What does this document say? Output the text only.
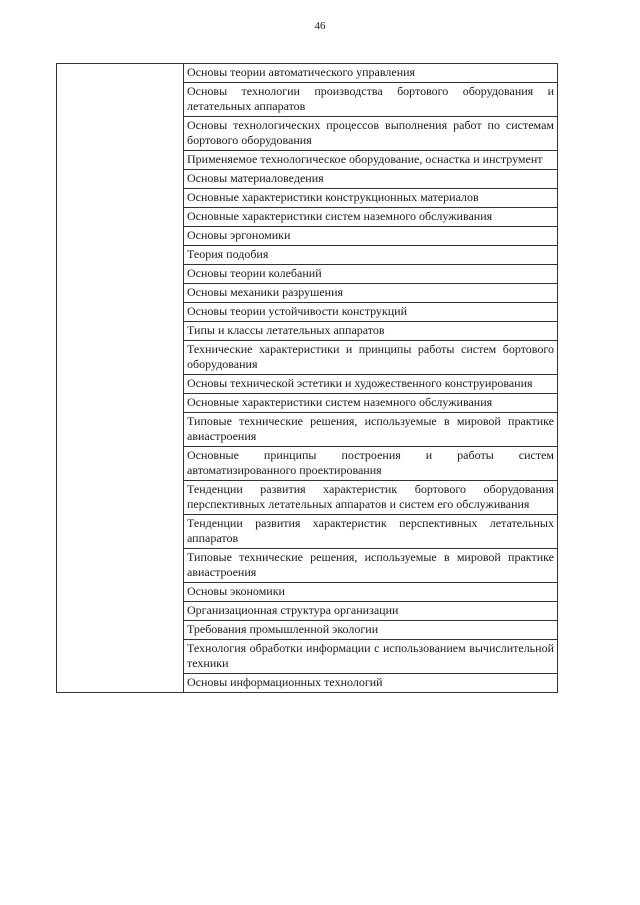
46
	Основы теории автоматического управления
Основы технологии производства бортового оборудования и летательных аппаратов
Основы технологических процессов выполнения работ по системам бортового оборудования
Применяемое технологическое оборудование, оснастка и инструмент
Основы материаловедения
Основные характеристики конструкционных материалов
Основные характеристики систем наземного обслуживания
Основы эргономики
Теория подобия
Основы теории колебаний
Основы механики разрушения
Основы теории устойчивости конструкций
Типы и классы летательных аппаратов
Технические характеристики и принципы работы систем бортового оборудования
Основы технической эстетики и художественного конструирования
Основные характеристики систем наземного обслуживания
Типовые технические решения, используемые в мировой практике авиастроения
Основные принципы построения и работы систем автоматизированного проектирования
Тенденции развития характеристик бортового оборудования перспективных летательных аппаратов и систем его обслуживания
Тенденции развития характеристик перспективных летательных аппаратов
Типовые технические решения, используемые в мировой практике авиастроения
Основы экономики
Организационная структура организации
Требования промышленной экологии
Технология обработки информации с использованием вычислительной техники
Основы информационных технологий
